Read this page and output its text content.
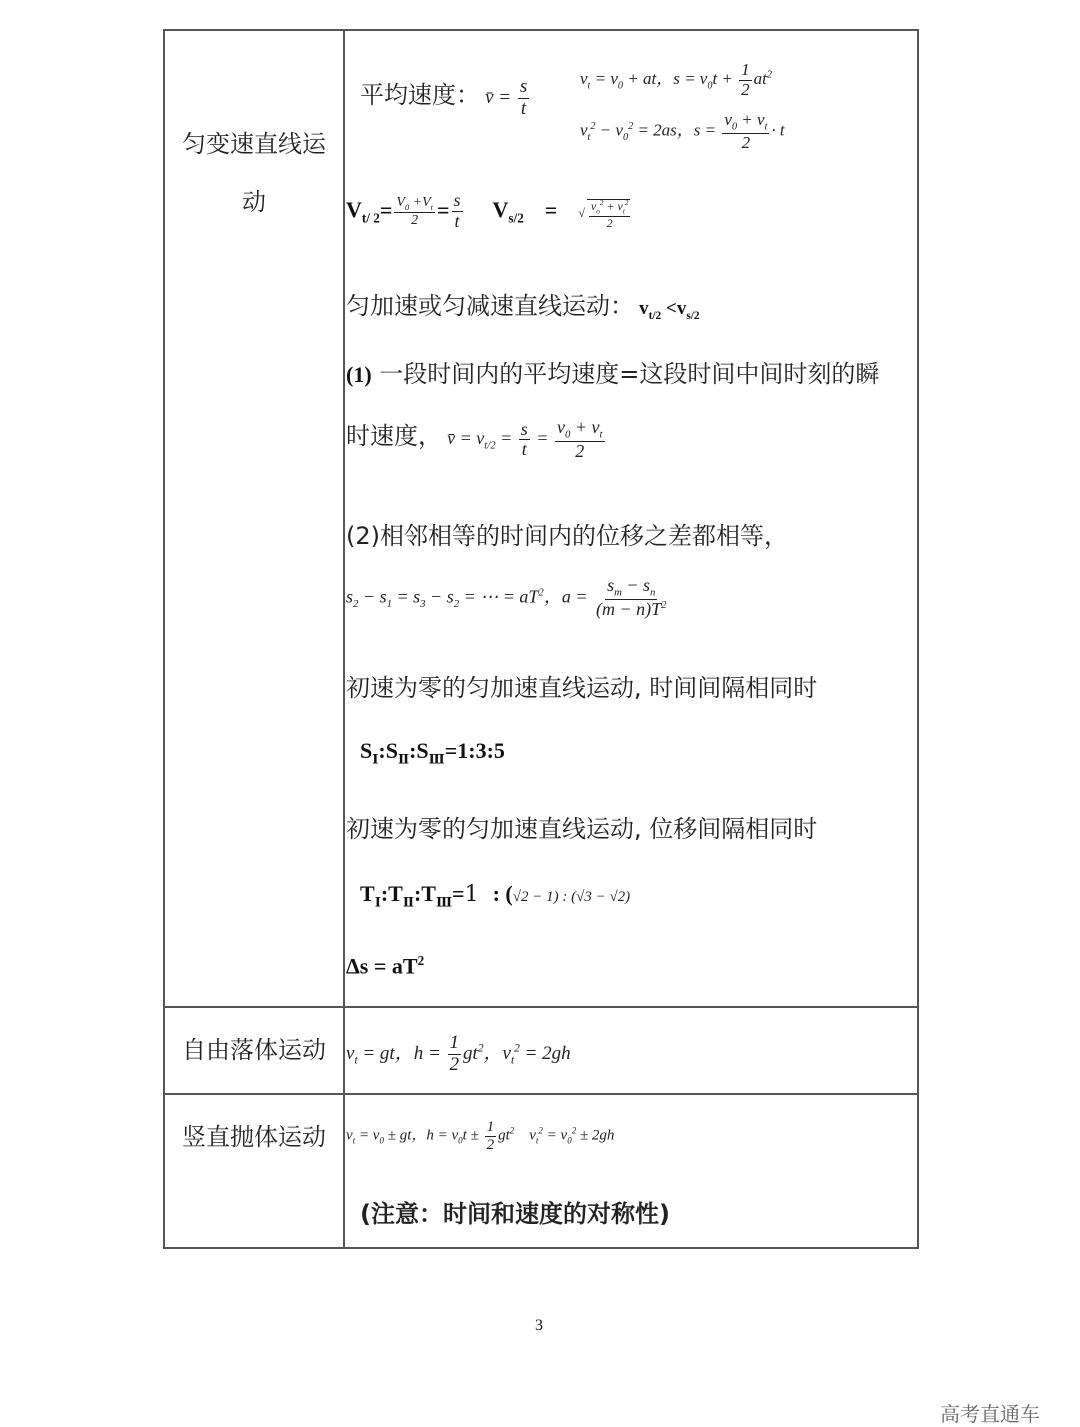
匀变速直线运
动
平均速度： v̄ = $\frac{s}{t}$	$v_t = v_0$ + at，$s = v_0t + \frac{1}{2} at^2$
$v_t^2 - v_0^2 = 2as$，$s = \frac{v_0 + v_t}{2} \cdot t$
$V_{t/ 2}= \frac{V_0 +V_t}{2} = \frac{s}{t} V_{s/2}$ = √ $\frac{v_o^2 + v_t^2}{2}$
匀加速或匀减速直线运动： $v_{t/2} <v_{s/2}$
(1) 一段时间内的平均速度=这段时间中间时刻的瞬
时速度， v̄ = $v_{t/2} = \frac{s}{t} = \frac{v_0 + v_t}{2}$
(2)相邻相等的时间内的位移之差都相等，
$s_2 - s_1 = s_3 - s_2$ = ⋯ = $aT^2$，$a = \frac{s_m - s_n}{(m - n)T^2}$
初速为零的匀加速直线运动, 时间间隔相同时
$S_Ⅰ:S_Ⅱ:S_Ⅲ=1:3:5$
初速为零的匀加速直线运动, 位移间隔相同时
$T_Ⅰ:T_Ⅱ:T_Ⅲ=1$ : (√2 − 1) : (√3 − √2)
$\Delta s = aT^2$
自由落体运动	$v_t$ = gt，$h = \frac{1}{2} gt^2$，$v_t^2 = 2gh$
竖直抛体运动	$v_t = v_0$ ± gt，$h = v_0t \pm \frac{1}{2} gt^2$    $v_t^2 = v_0^2 \pm 2gh$
(注意：时间和速度的对称性)
3
高考直通车
